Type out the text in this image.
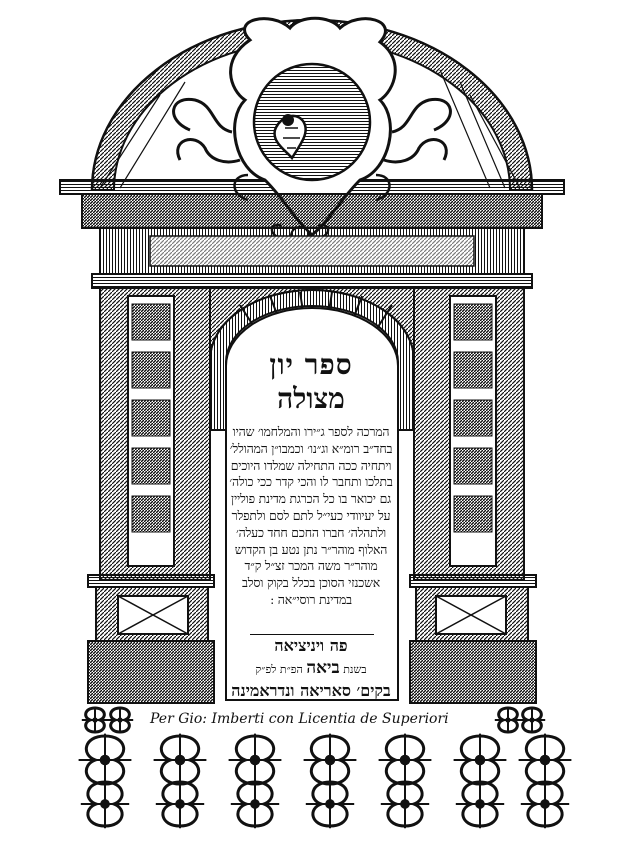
ספר יון
מצולה
המרכה לספר ג״ירו והמלחמו׳ שהיו
בחד״ב רומ״א וג״נו׳ וכמבו״ן המהולל׳
ויתחיה ככה התחילה שמלדו היוכים
בתלכו ותחבר לו והכי קדר ככי כולה׳
גם יכואר בו כל הכרגת מדינת פוליין
על יעיוודי כעי״ל לתם לסם ולתפלר
ולתהלה׳ חברו החכם חחד כעלה׳
האלוף מוהר״ר נתן נטע בן הקדוש
מוהר״ר משה המכר זצ״ל ק״ד
אשכנזי הסוכן בכלל בקוק וסלב
במדינת רוסי״אה :
פה ויניציאה
בשנת ביאה הפ״ת לפ״ק
בקים׳ סאריאה ונדראמינה
Per Gio: Imberti con Licentia de Superiori
